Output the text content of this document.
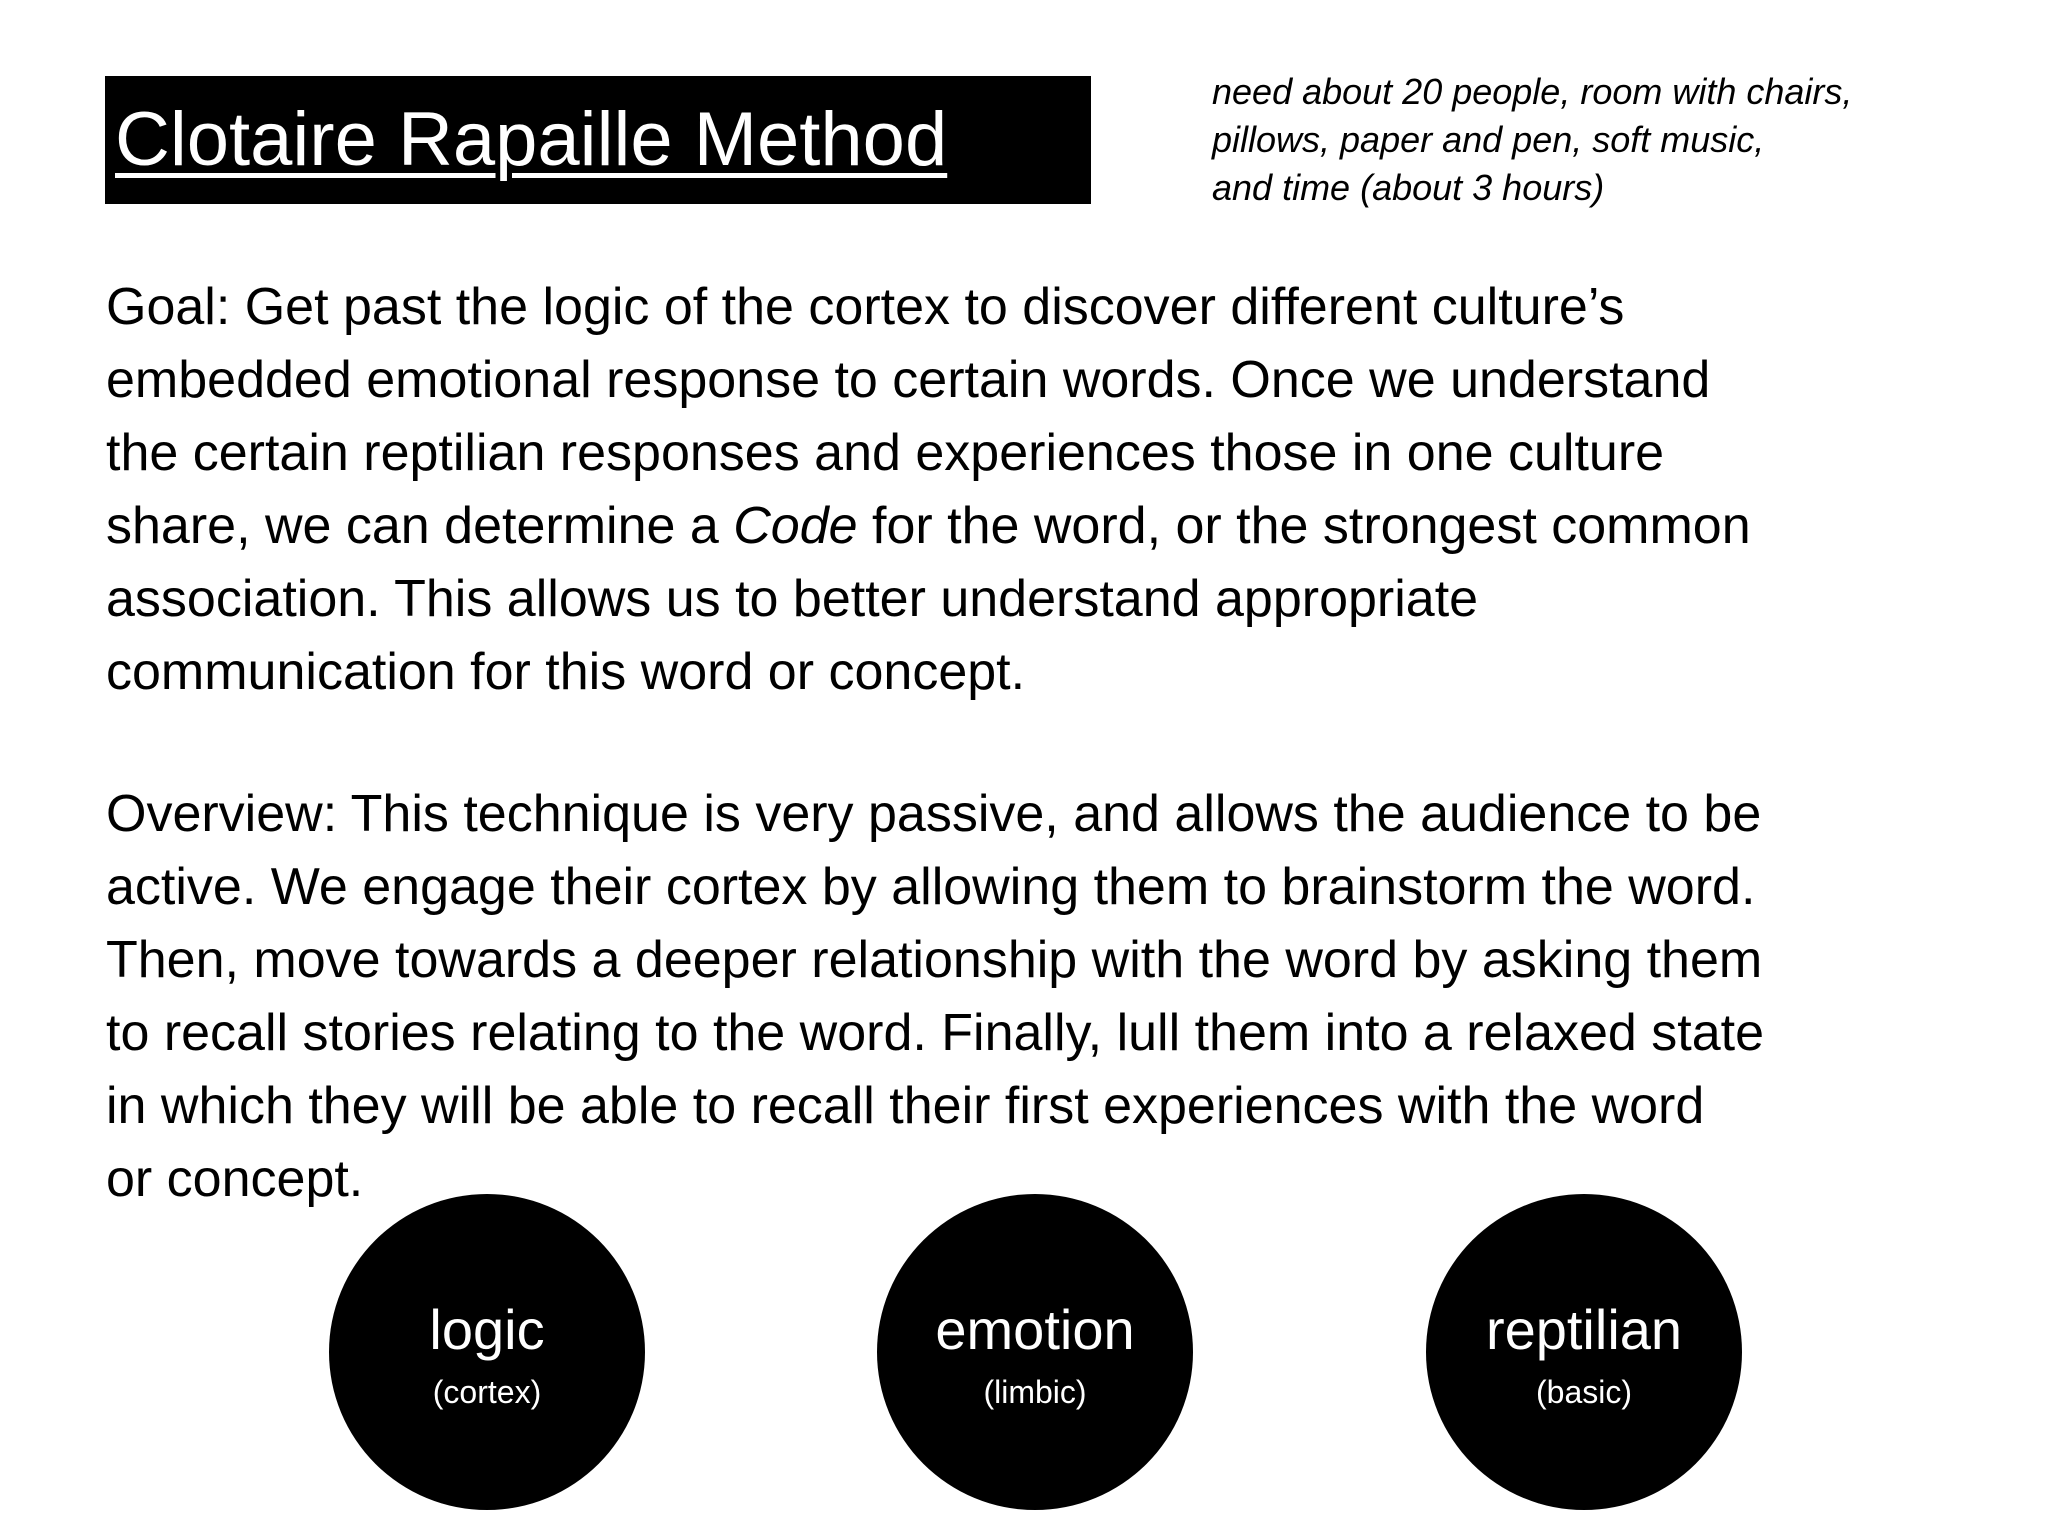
Clotaire Rapaille Method
need about 20 people, room with chairs,
pillows, paper and pen, soft music,
and time (about 3 hours)
Goal: Get past the logic of the cortex to discover different culture’s
embedded emotional response to certain words. Once we understand
the certain reptilian responses and experiences those in one culture
share, we can determine a Code for the word, or the strongest common
association. This allows us to better understand appropriate
communication for this word or concept.
Overview: This technique is very passive, and allows the audience to be
active. We engage their cortex by allowing them to brainstorm the word.
Then, move towards a deeper relationship with the word by asking them
to recall stories relating to the word. Finally, lull them into a relaxed state
in which they will be able to recall their first experiences with the word
or concept.
logic
(cortex)
emotion
(limbic)
reptilian
(basic)
